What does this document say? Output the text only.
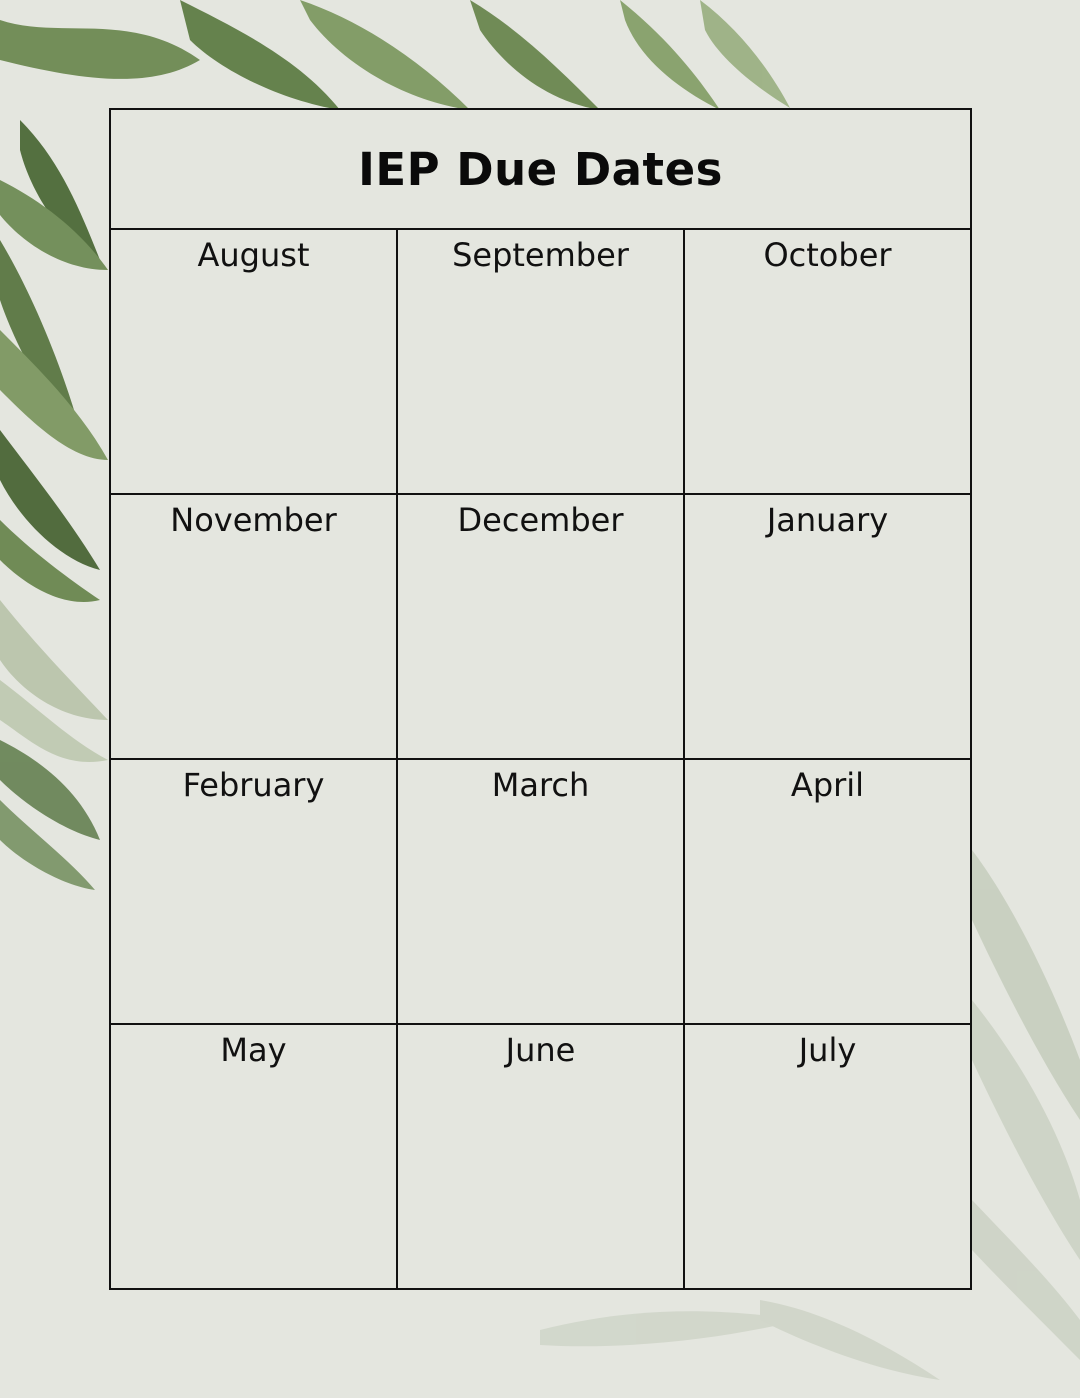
IEP Due Dates
August	September	October
November	December	January
February	March	April
May	June	July
